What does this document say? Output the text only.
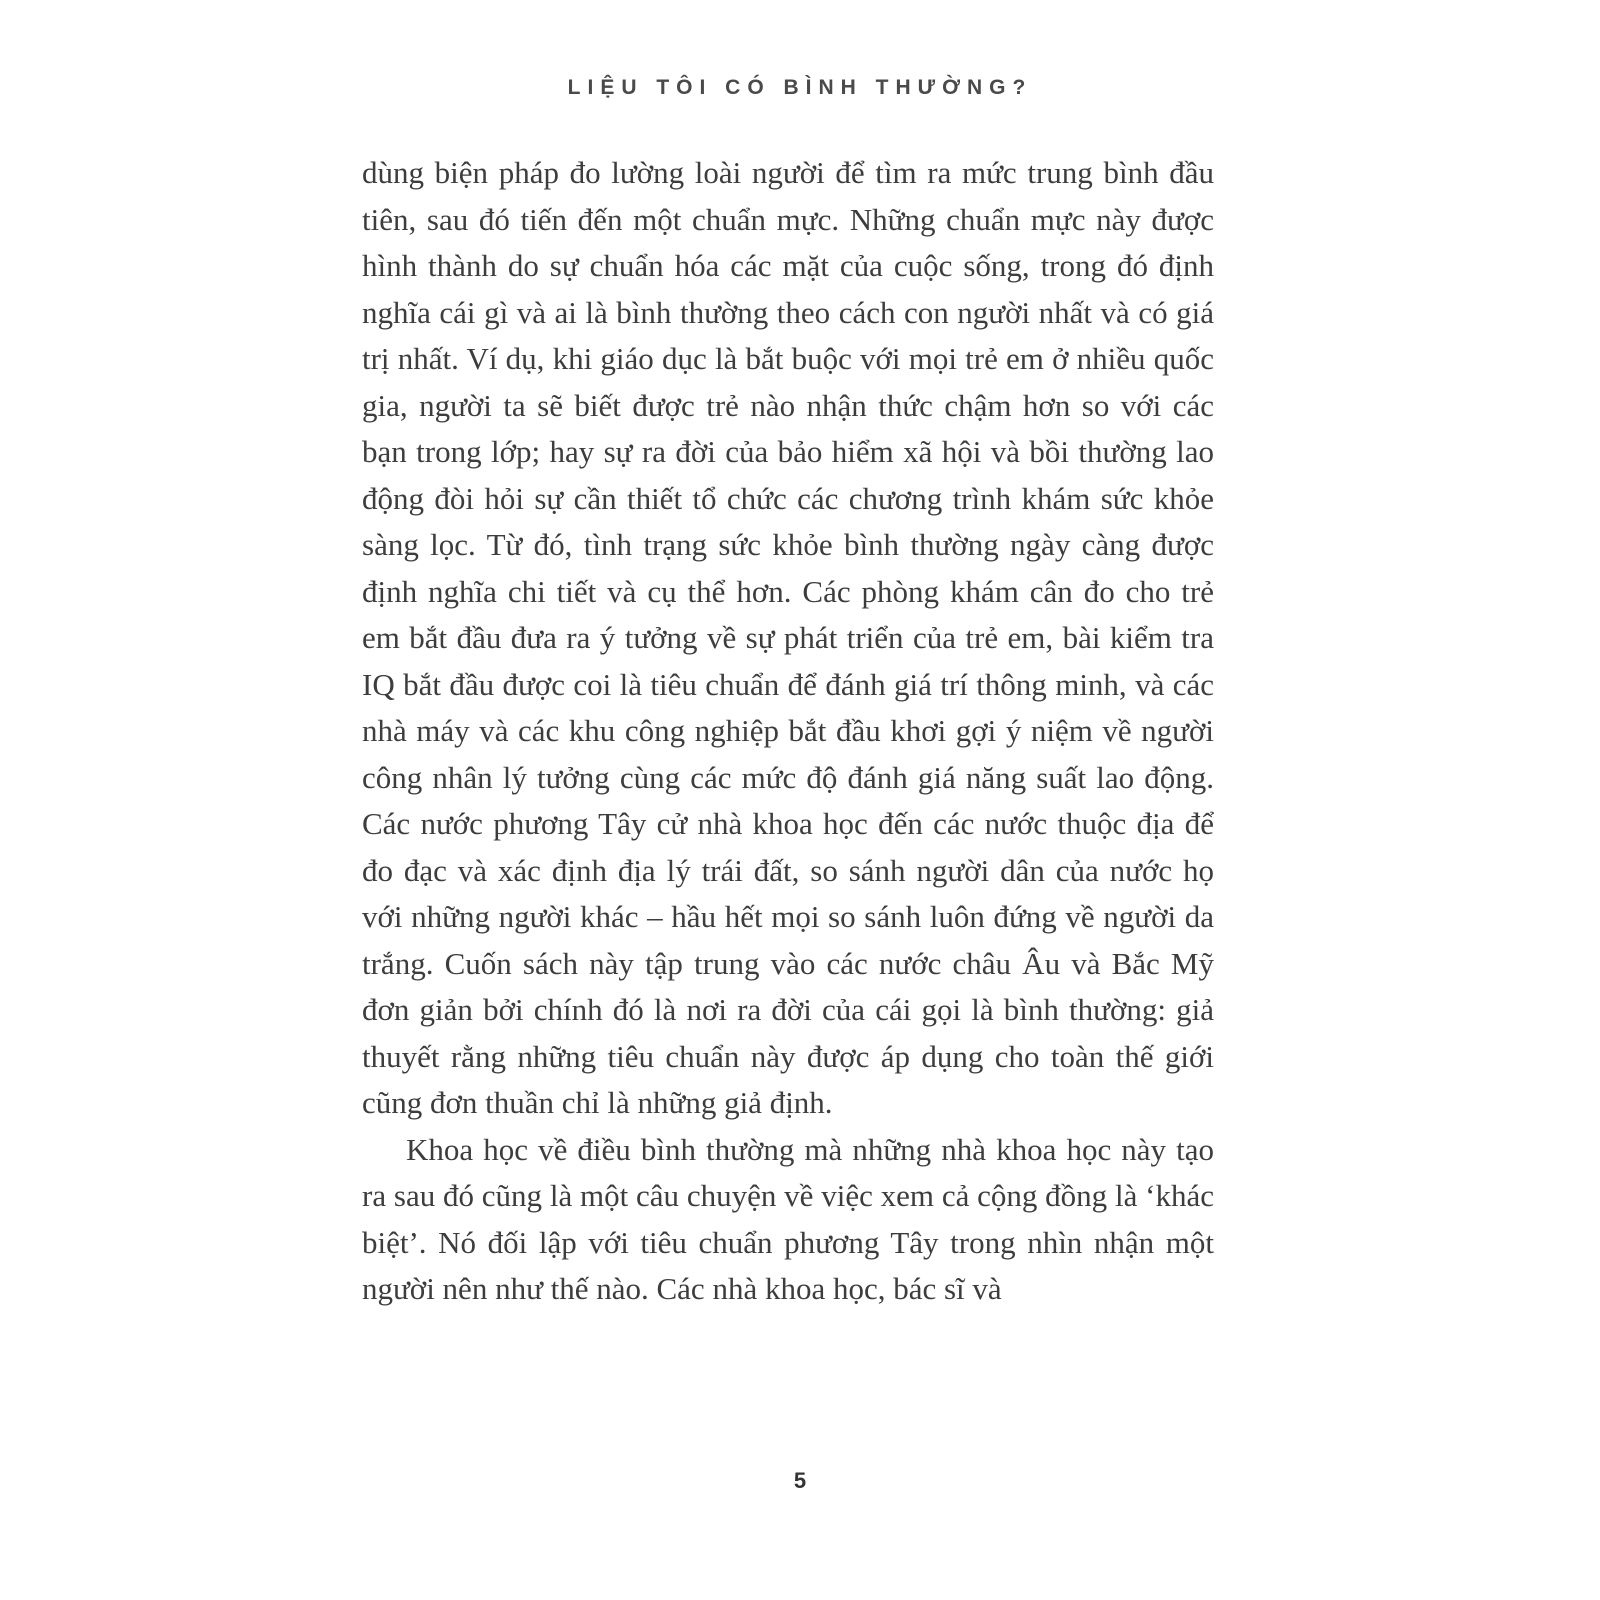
LIỆU TÔI CÓ BÌNH THƯỜNG?

dùng biện pháp đo lường loài người để tìm ra mức trung bình đầu tiên, sau đó tiến đến một chuẩn mực. Những chuẩn mực này được hình thành do sự chuẩn hóa các mặt của cuộc sống, trong đó định nghĩa cái gì và ai là bình thường theo cách con người nhất và có giá trị nhất. Ví dụ, khi giáo dục là bắt buộc với mọi trẻ em ở nhiều quốc gia, người ta sẽ biết được trẻ nào nhận thức chậm hơn so với các bạn trong lớp; hay sự ra đời của bảo hiểm xã hội và bồi thường lao động đòi hỏi sự cần thiết tổ chức các chương trình khám sức khỏe sàng lọc. Từ đó, tình trạng sức khỏe bình thường ngày càng được định nghĩa chi tiết và cụ thể hơn. Các phòng khám cân đo cho trẻ em bắt đầu đưa ra ý tưởng về sự phát triển của trẻ em, bài kiểm tra IQ bắt đầu được coi là tiêu chuẩn để đánh giá trí thông minh, và các nhà máy và các khu công nghiệp bắt đầu khơi gợi ý niệm về người công nhân lý tưởng cùng các mức độ đánh giá năng suất lao động. Các nước phương Tây cử nhà khoa học đến các nước thuộc địa để đo đạc và xác định địa lý trái đất, so sánh người dân của nước họ với những người khác – hầu hết mọi so sánh luôn đứng về người da trắng. Cuốn sách này tập trung vào các nước châu Âu và Bắc Mỹ đơn giản bởi chính đó là nơi ra đời của cái gọi là bình thường: giả thuyết rằng những tiêu chuẩn này được áp dụng cho toàn thế giới cũng đơn thuần chỉ là những giả định.

Khoa học về điều bình thường mà những nhà khoa học này tạo ra sau đó cũng là một câu chuyện về việc xem cả cộng đồng là ‘khác biệt’. Nó đối lập với tiêu chuẩn phương Tây trong nhìn nhận một người nên như thế nào. Các nhà khoa học, bác sĩ và

5
